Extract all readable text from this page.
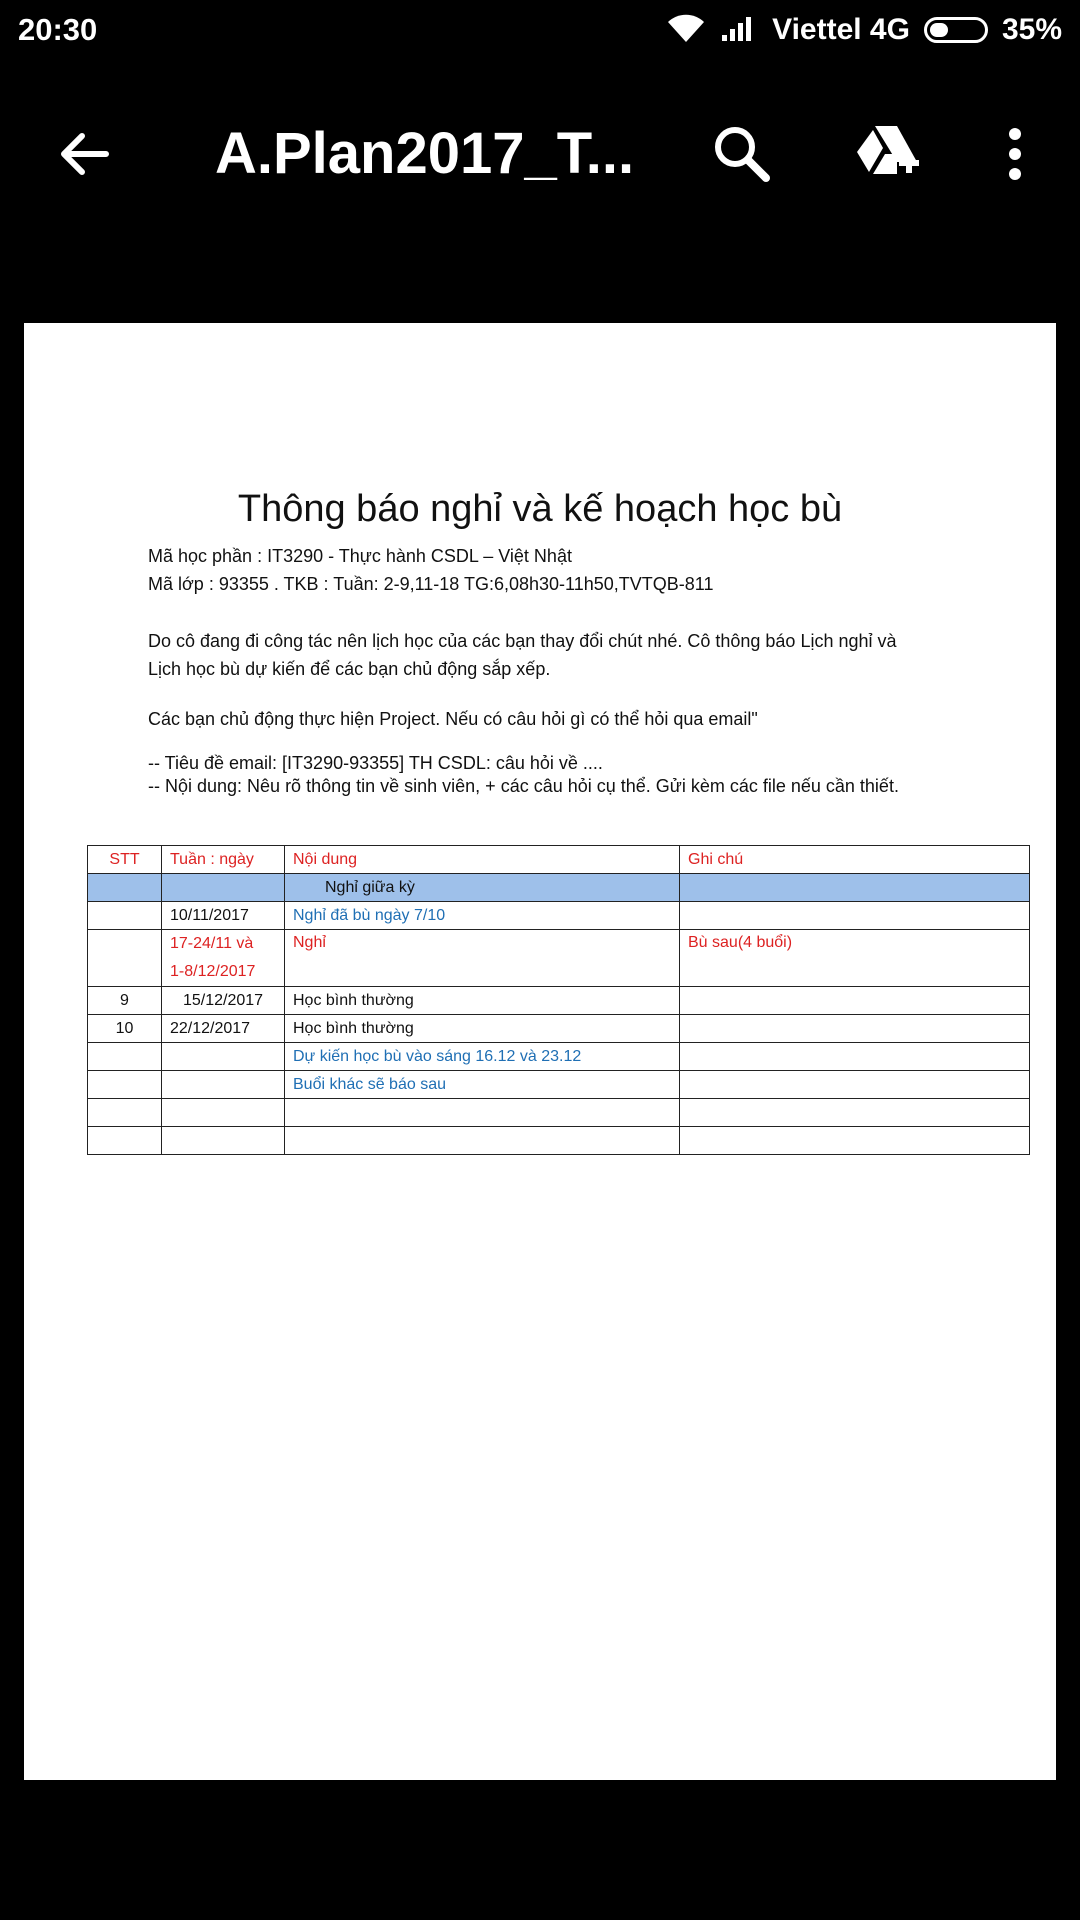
20:30	Viettel 4G	35%
A.Plan2017_T...
Thông báo nghỉ và kế hoạch học bù
Mã học phần : IT3290 - Thực hành CSDL – Việt Nhật
Mã lớp : 93355 . TKB : Tuần: 2-9,11-18 TG:6,08h30-11h50,TVTQB-811
Do cô đang đi công tác nên lịch học của các bạn thay đổi chút nhé. Cô thông báo Lịch nghỉ và Lịch học bù dự kiến để các bạn chủ động sắp xếp.
Các bạn chủ động thực hiện Project. Nếu có câu hỏi gì có thể hỏi qua email"
-- Tiêu đề email: [IT3290-93355] TH CSDL: câu hỏi về ....
-- Nội dung: Nêu rõ thông tin về sinh viên, + các câu hỏi cụ thể. Gửi kèm các file nếu cần thiết.
STT	Tuần : ngày	Nội dung	Ghi chú
		Nghỉ giữa kỳ	
	10/11/2017	Nghỉ đã bù ngày 7/10	

	17-24/11 và
1-8/12/2017	Nghỉ	Bù sau(4 buổi)
9	15/12/2017	Học bình thường	
10	22/12/2017	Học bình thường	
		Dự kiến học bù vào sáng 16.12 và 23.12	
		Buổi khác sẽ báo sau	
